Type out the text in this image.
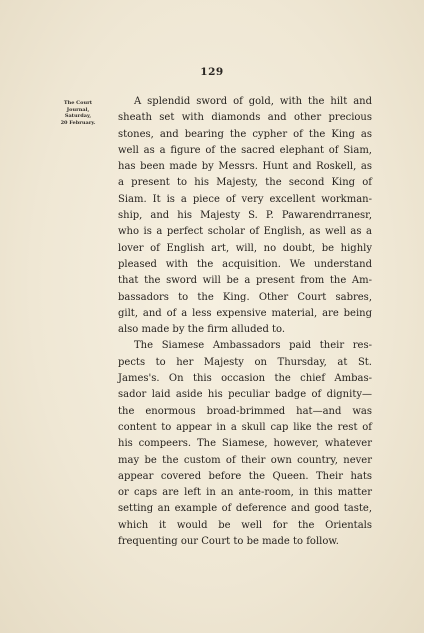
129
The Court
Journal,
Saturday,
20 February.

A splendid sword of gold, with the hilt and
sheath set with diamonds and other precious
stones, and bearing the cypher of the King as
well as a figure of the sacred elephant of Siam,
has been made by Messrs. Hunt and Roskell, as
a present to his Majesty, the second King of
Siam. It is a piece of very excellent workman-
ship, and his Majesty S. P. Pawarendrranesr,
who is a perfect scholar of English, as well as a
lover of English art, will, no doubt, be highly
pleased with the acquisition. We understand
that the sword will be a present from the Am-
bassadors to the King. Other Court sabres,
gilt, and of a less expensive material, are being
also made by the firm alluded to.

The Siamese Ambassadors paid their res-
pects to her Majesty on Thursday, at St.
James's. On this occasion the chief Ambas-
sador laid aside his peculiar badge of dignity—
the enormous broad-brimmed hat—and was
content to appear in a skull cap like the rest of
his compeers. The Siamese, however, whatever
may be the custom of their own country, never
appear covered before the Queen. Their hats
or caps are left in an ante-room, in this matter
setting an example of deference and good taste,
which it would be well for the Orientals
frequenting our Court to be made to follow.
